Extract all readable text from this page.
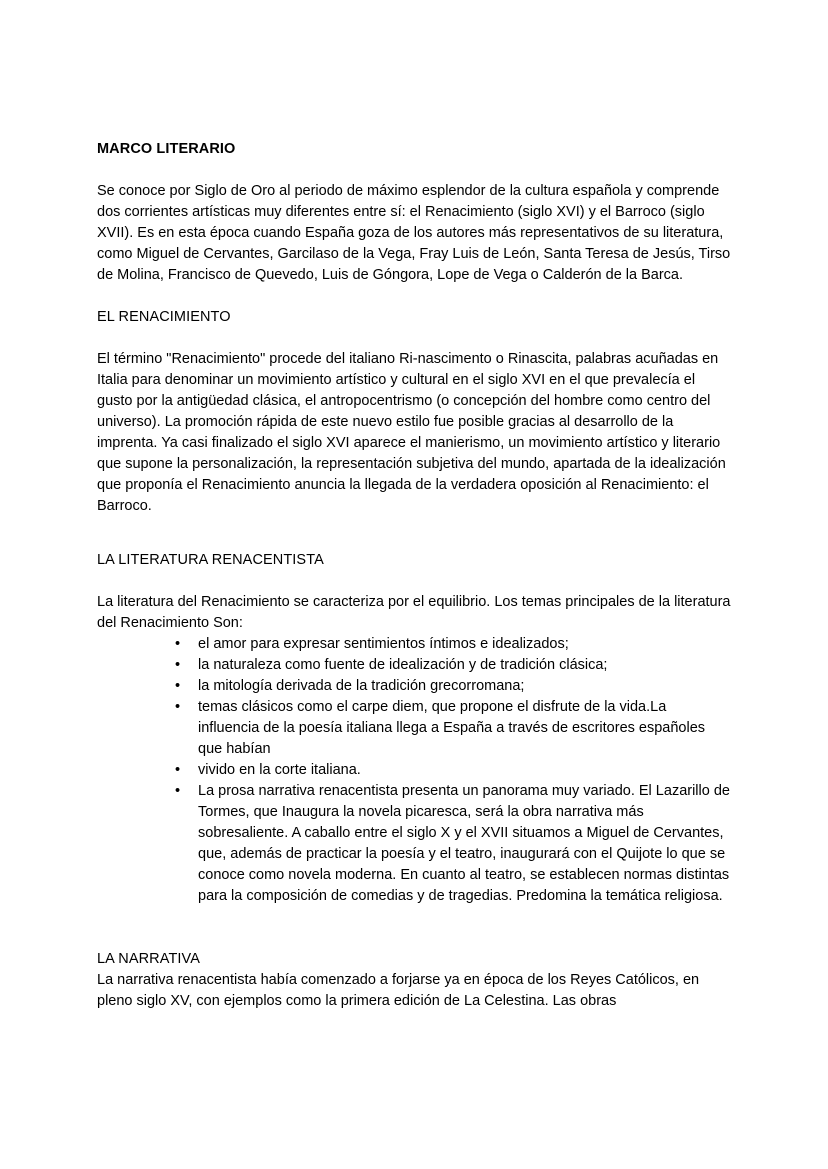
MARCO LITERARIO

Se conoce por Siglo de Oro al periodo de máximo esplendor de la cultura española y comprende dos corrientes artísticas muy diferentes entre sí: el Renacimiento (siglo XVI) y el Barroco (siglo XVII). Es en esta época cuando España goza de los autores más representativos de su literatura, como Miguel de Cervantes, Garcilaso de la Vega, Fray Luis de León, Santa Teresa de Jesús, Tirso de Molina, Francisco de Quevedo, Luis de Góngora, Lope de Vega o Calderón de la Barca.

EL RENACIMIENTO

El término "Renacimiento" procede del italiano Ri-nascimento o Rinascita, palabras acuñadas en Italia para denominar un movimiento artístico y cultural en el siglo XVI en el que prevalecía el gusto por la antigüedad clásica, el antropocentrismo (o concepción del hombre como centro del universo). La promoción rápida de este nuevo estilo fue posible gracias al desarrollo de la imprenta. Ya casi finalizado el siglo XVI aparece el manierismo, un movimiento artístico y literario que supone la personalización, la representación subjetiva del mundo, apartada de la idealización que proponía el Renacimiento anuncia la llegada de la verdadera oposición al Renacimiento: el

Barroco.

LA LITERATURA RENACENTISTA

La literatura del Renacimiento se caracteriza por el equilibrio. Los temas principales de la literatura del Renacimiento Son:

• el amor para expresar sentimientos íntimos e idealizados;
• la naturaleza como fuente de idealización y de tradición clásica;
• la mitología derivada de la tradición grecorromana;
• temas clásicos como el carpe diem, que propone el disfrute de la vida.La influencia de la poesía italiana llega a España a través de escritores españoles que habían
• vivido en la corte italiana.
• La prosa narrativa renacentista presenta un panorama muy variado. El Lazarillo de Tormes, que Inaugura la novela picaresca, será la obra narrativa más sobresaliente. A caballo entre el siglo X y el XVII situamos a Miguel de Cervantes, que, además de practicar la poesía y el teatro, inaugurará con el Quijote lo que se conoce como novela moderna. En cuanto al teatro, se establecen normas distintas para la composición de comedias y de tragedias. Predomina la temática religiosa.
LA NARRATIVA

La narrativa renacentista había comenzado a forjarse ya en época de los Reyes Católicos, en pleno siglo XV, con ejemplos como la primera edición de La Celestina. Las obras
